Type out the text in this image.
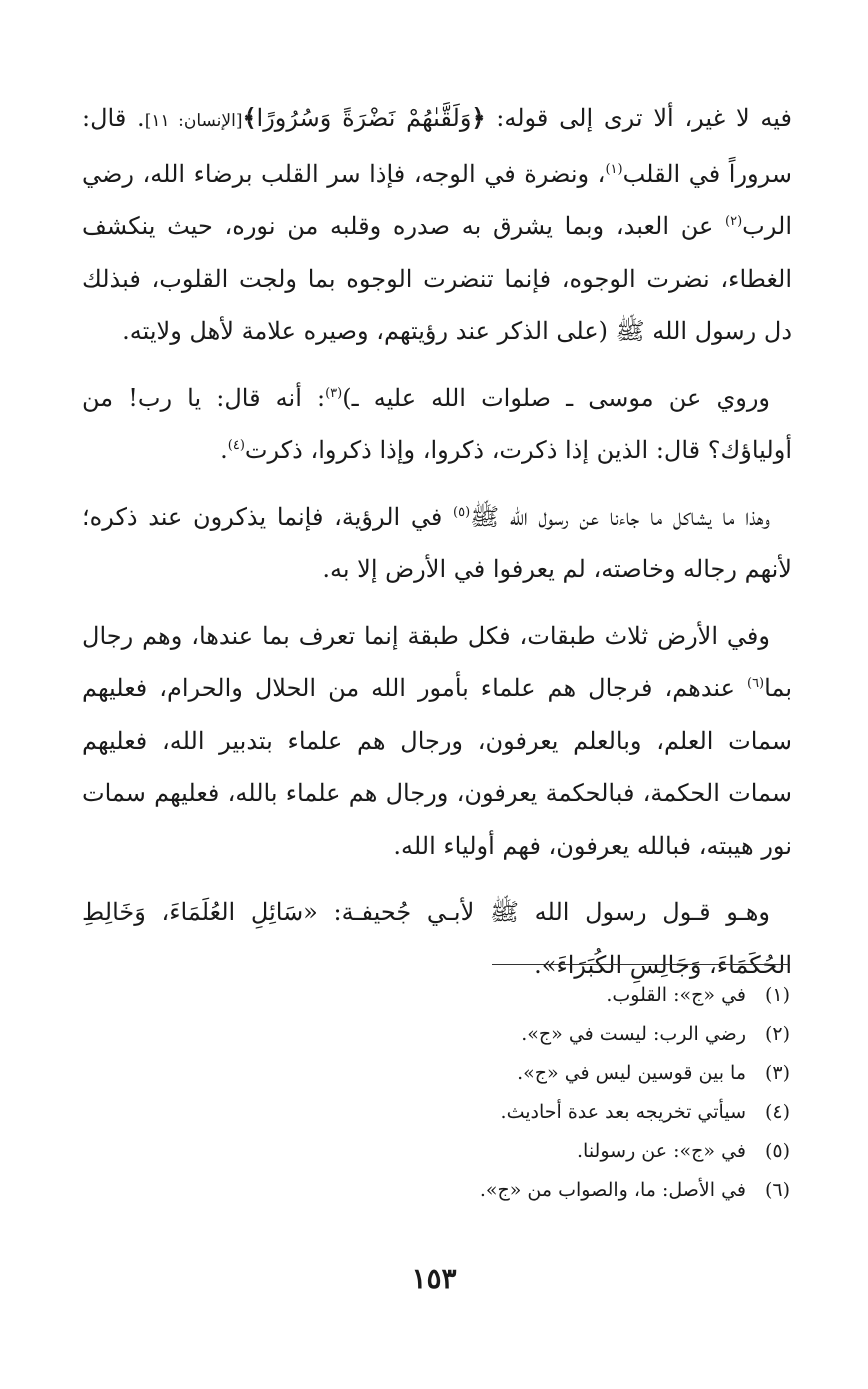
فيه لا غير، ألا ترى إلى قوله: ﴿وَلَقَّىٰهُمْ نَضْرَةً وَسُرُورًا﴾[الإنسان: ١١]. قال: سروراً في القلب$^{(١)}$، ونضرة في الوجه، فإذا سر القلب برضاء الله، رضي الرب$^{(٢)}$ عن العبد، وبما يشرق به صدره وقلبه من نوره، حيث ينكشف الغطاء، نضرت الوجوه، فإنما تنضرت الوجوه بما ولجت القلوب، فبذلك دل رسول الله ﷺ (على الذكر عند رؤيتهم، وصيره علامة لأهل ولايته.

وروي عن موسى ـ صلوات الله عليه ـ)$^{(٣)}$: أنه قال: يا رب! من أولياؤك؟ قال: الذين إذا ذكرت، ذكروا، وإذا ذكروا، ذكرت$^{(٤)}$.

وهذا ما يشاكل ما جاءنا عن رسول الله ﷺ$^{(٥)}$ في الرؤية، فإنما يذكرون عند ذكره؛ لأنهم رجاله وخاصته، لم يعرفوا في الأرض إلا به.

وفي الأرض ثلاث طبقات، فكل طبقة إنما تعرف بما عندها، وهم رجال بما$^{(٦)}$ عندهم، فرجال هم علماء بأمور الله من الحلال والحرام، فعليهم سمات العلم، وبالعلم يعرفون، ورجال هم علماء بتدبير الله، فعليهم سمات الحكمة، فبالحكمة يعرفون، ورجال هم علماء بالله، فعليهم سمات نور هيبته، فبالله يعرفون، فهم أولياء الله.

وهـو قـول رسول الله ﷺ لأبـي جُحيفـة: «سَائِلِ العُلَمَاءَ، وَخَالِطِ الحُكَمَاءَ، وَجَالِسِ الكُبَرَاءَ».

(١)
في «ج»: القلوب.
(٢)
رضي الرب: ليست في «ج».
(٣)
ما بين قوسين ليس في «ج».
(٤)
سيأتي تخريجه بعد عدة أحاديث.
(٥)
في «ج»: عن رسولنا.
(٦)
في الأصل: ما، والصواب من «ج».
١٥٣
